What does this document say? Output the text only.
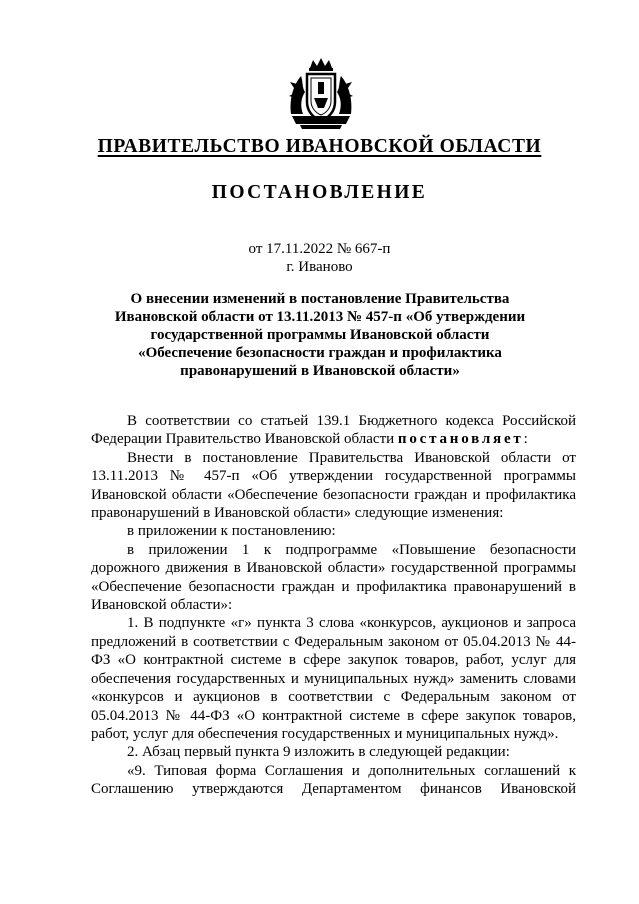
ПРАВИТЕЛЬСТВО ИВАНОВСКОЙ ОБЛАСТИ
ПОСТАНОВЛЕНИЕ
от 17.11.2022 № 667-п
г. Иваново
О внесении изменений в постановление Правительства
Ивановской области от 13.11.2013 № 457-п «Об утверждении
государственной программы Ивановской области
«Обеспечение безопасности граждан и профилактика
правонарушений в Ивановской области»

В соответствии со статьей 139.1 Бюджетного кодекса Российской Федерации Правительство Ивановской области постановляет:

Внести в постановление Правительства Ивановской области от 13.11.2013 № 457-п «Об утверждении государственной программы Ивановской области «Обеспечение безопасности граждан и профилактика правонарушений в Ивановской области» следующие изменения:

в приложении к постановлению:

в приложении 1 к подпрограмме «Повышение безопасности дорожного движения в Ивановской области» государственной программы «Обеспечение безопасности граждан и профилактика правонарушений в Ивановской области»:

1. В подпункте «г» пункта 3 слова «конкурсов, аукционов и запроса предложений в соответствии с Федеральным законом от 05.04.2013 № 44-ФЗ «О контрактной системе в сфере закупок товаров, работ, услуг для обеспечения государственных и муниципальных нужд» заменить словами «конкурсов и аукционов в соответствии с Федеральным законом от 05.04.2013 № 44-ФЗ «О контрактной системе в сфере закупок товаров, работ, услуг для обеспечения государственных и муниципальных нужд».

2. Абзац первый пункта 9 изложить в следующей редакции:

«9. Типовая форма Соглашения и дополнительных соглашений к Соглашению утверждаются Департаментом финансов Ивановской
